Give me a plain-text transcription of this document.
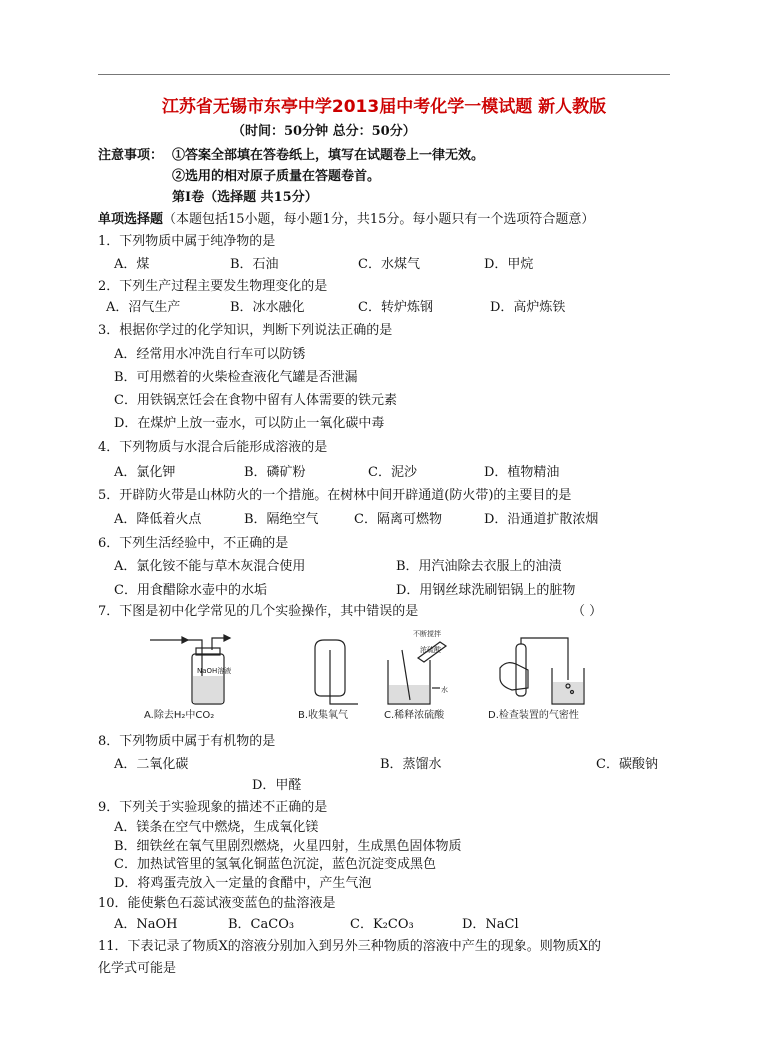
江苏省无锡市东亭中学2013届中考化学一模试题 新人教版
（时间：50分钟 总分：50分）
注意事项： ①答案全部填在答卷纸上，填写在试题卷上一律无效。
②选用的相对原子质量在答题卷首。
第Ⅰ卷（选择题 共15分）
单项选择题（本题包括15小题，每小题1分，共15分。每小题只有一个选项符合题意）
1．下列物质中属于纯净物的是
A．煤	B．石油	C．水煤气	D．甲烷
2．下列生产过程主要发生物理变化的是
A．沼气生产	B．冰水融化	C．转炉炼钢	D．高炉炼铁
3．根据你学过的化学知识，判断下列说法正确的是
A．经常用水冲洗自行车可以防锈
B．可用燃着的火柴检查液化气罐是否泄漏
C．用铁锅烹饪会在食物中留有人体需要的铁元素
D．在煤炉上放一壶水，可以防止一氧化碳中毒
4．下列物质与水混合后能形成溶液的是
A．氯化钾	B．磷矿粉	C．泥沙	D．植物精油
5．开辟防火带是山林防火的一个措施。在树林中间开辟通道(防火带)的主要目的是
A．降低着火点	B．隔绝空气	C．隔离可燃物	D．沿通道扩散浓烟
6．下列生活经验中，不正确的是
A．氯化铵不能与草木灰混合使用	B．用汽油除去衣服上的油渍
C．用食醋除水壶中的水垢	D．用钢丝球洗刷铝锅上的脏物
7．下图是初中化学常见的几个实验操作，其中错误的是	（ ）
NaOH溶液
不断搅拌
浓硫酸
水
A.除去H₂中CO₂	B.收集氧气	C.稀释浓硫酸	D.检查装置的气密性
8．下列物质中属于有机物的是
A．二氧化碳	B．蒸馏水	C．碳酸钠
D．甲醛
9．下列关于实验现象的描述不正确的是
A．镁条在空气中燃烧，生成氧化镁
B．细铁丝在氧气里剧烈燃烧，火星四射，生成黑色固体物质
C．加热试管里的氢氧化铜蓝色沉淀，蓝色沉淀变成黑色
D．将鸡蛋壳放入一定量的食醋中，产生气泡
10．能使紫色石蕊试液变蓝色的盐溶液是
A．NaOH	B．CaCO₃	C．K₂CO₃	D．NaCl
11．下表记录了物质X的溶液分别加入到另外三种物质的溶液中产生的现象。则物质X的
化学式可能是
